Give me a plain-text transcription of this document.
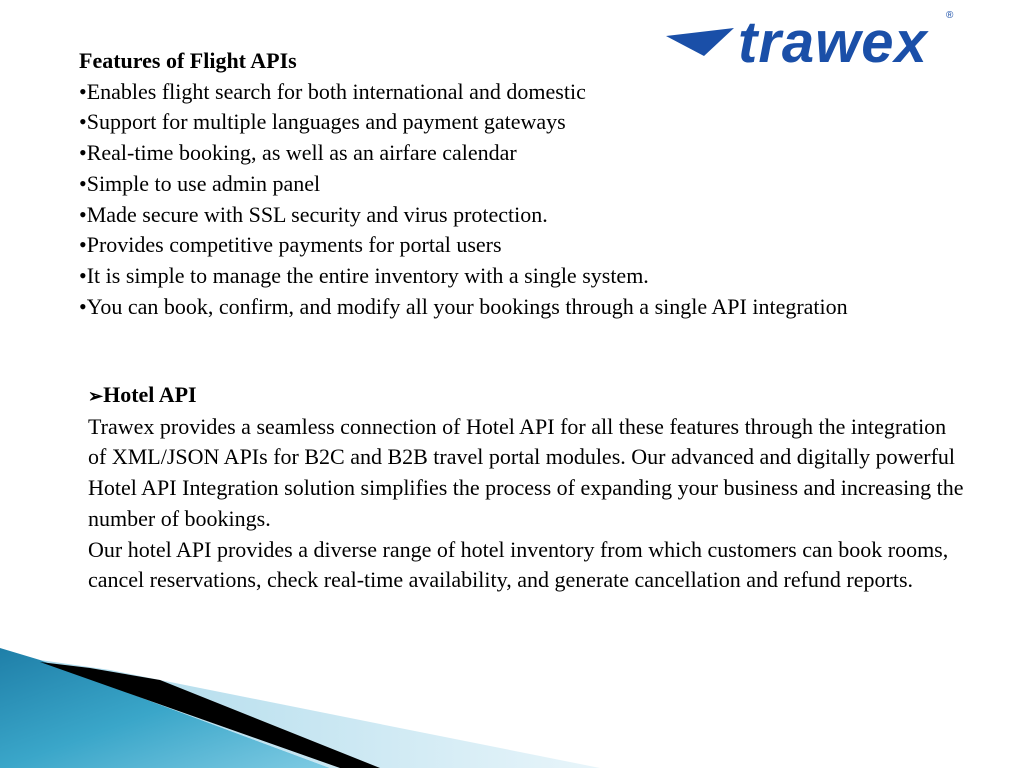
trawex ®

Features of Flight APIs

•Enables flight search for both international and domestic

•Support for multiple languages and payment gateways

•Real-time booking, as well as an airfare calendar

•Simple to use admin panel

•Made secure with SSL security and virus protection.

•Provides competitive payments for portal users

•It is simple to manage the entire inventory with a single system.

•You can book, confirm, and modify all your bookings through a single API integration

➢Hotel API

Trawex provides a seamless connection of Hotel API for all these features through the integration of XML/JSON APIs for B2C and B2B travel portal modules. Our advanced and digitally powerful Hotel API Integration solution simplifies the process of expanding your business and increasing the number of bookings.

Our hotel API provides a diverse range of hotel inventory from which customers can book rooms, cancel reservations, check real-time availability, and generate cancellation and refund reports.
